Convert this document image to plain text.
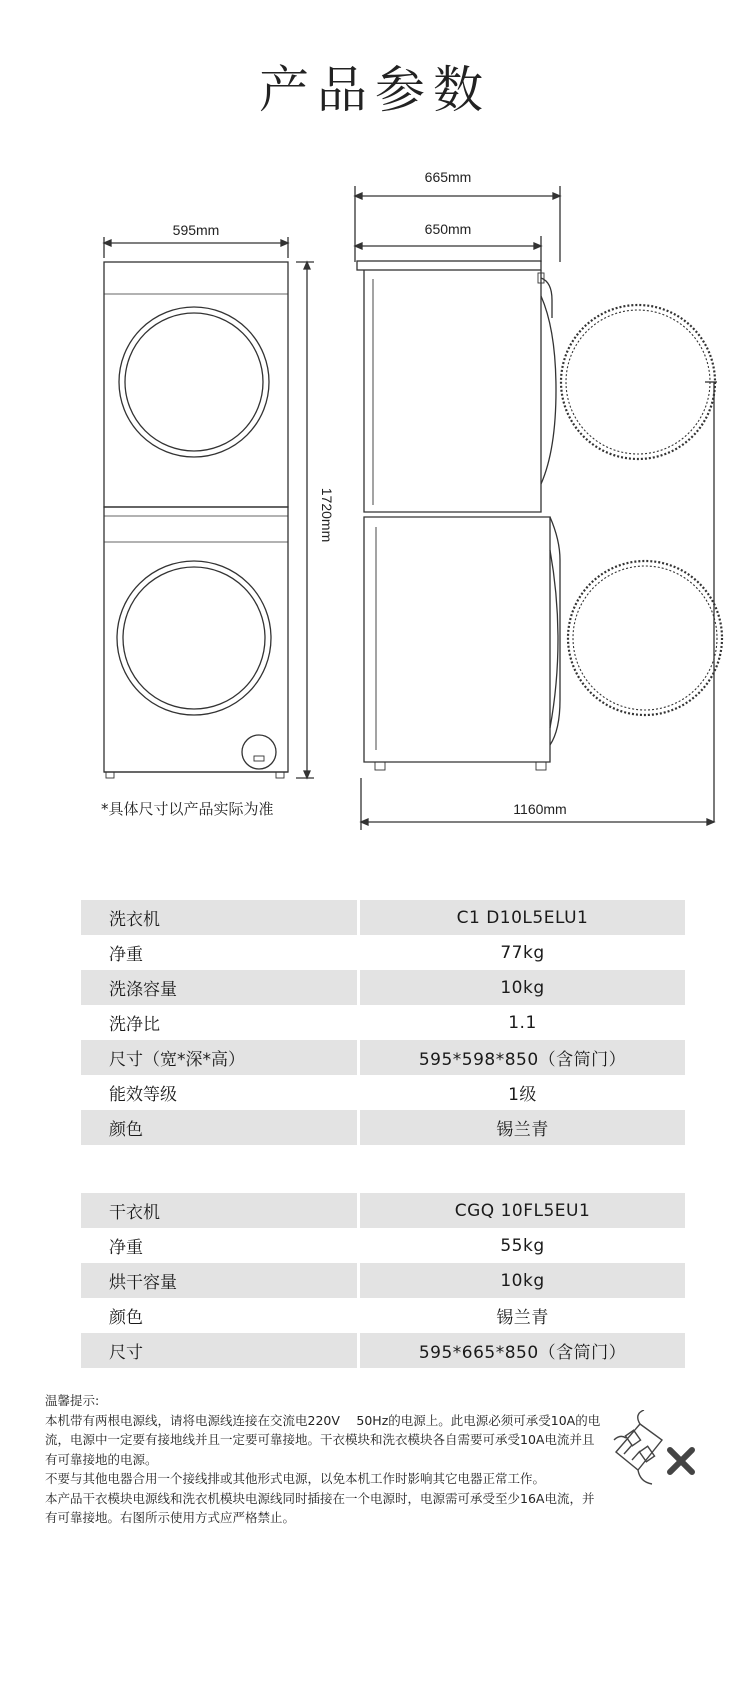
产品参数
595mm
1720mm
665mm
650mm
1160mm
*具体尺寸以产品实际为准
洗衣机		C1 D10L5ELU1
净重		77kg
洗涤容量		10kg
洗净比		1.1
尺寸（宽*深*高）		595*598*850（含筒门）
能效等级		1级
颜色		锡兰青
干衣机		CGQ 10FL5EU1
净重		55kg
烘干容量		10kg
颜色		锡兰青
尺寸		595*665*850（含筒门）

温馨提示:

本机带有两根电源线，请将电源线连接在交流电220V　 50Hz的电源上。此电源必须可承受10A的电流，电源中一定要有接地线并且一定要可靠接地。干衣模块和洗衣模块各自需要可承受10A电流并且有可靠接地的电源。

不要与其他电器合用一个接线排或其他形式电源，以免本机工作时影响其它电器正常工作。

本产品干衣模块电源线和洗衣机模块电源线同时插接在一个电源时，电源需可承受至少16A电流，并有可靠接地。右图所示使用方式应严格禁止。
